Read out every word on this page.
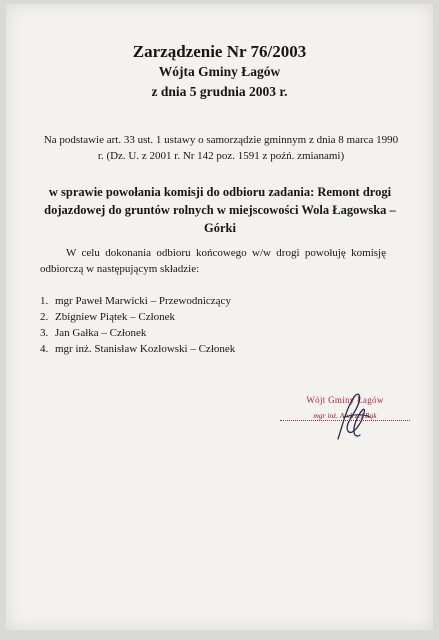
Zarządzenie Nr 76/2003
Wójta Gminy Łagów
z dnia 5 grudnia 2003 r.
Na podstawie art. 33 ust. 1 ustawy o samorządzie gminnym z dnia 8 marca 1990
r. (Dz. U. z 2001 r. Nr 142 poz. 1591 z poźń. zmianami)
w sprawie powołania komisji do odbioru zadania: Remont drogi
dojazdowej do gruntów rolnych w miejscowości Wola Łagowska –
Górki
W celu dokonania odbioru końcowego w/w drogi powołuję komisję odbiorczą w następującym składzie:
1. mgr Paweł Marwicki – Przewodniczący
2. Zbigniew Piątek – Członek
3. Jan Gałka – Członek
4. mgr inż. Stanisław Kozłowski – Członek
Wójt Gminy Łagów
mgr inż. Andrzej Bąk
